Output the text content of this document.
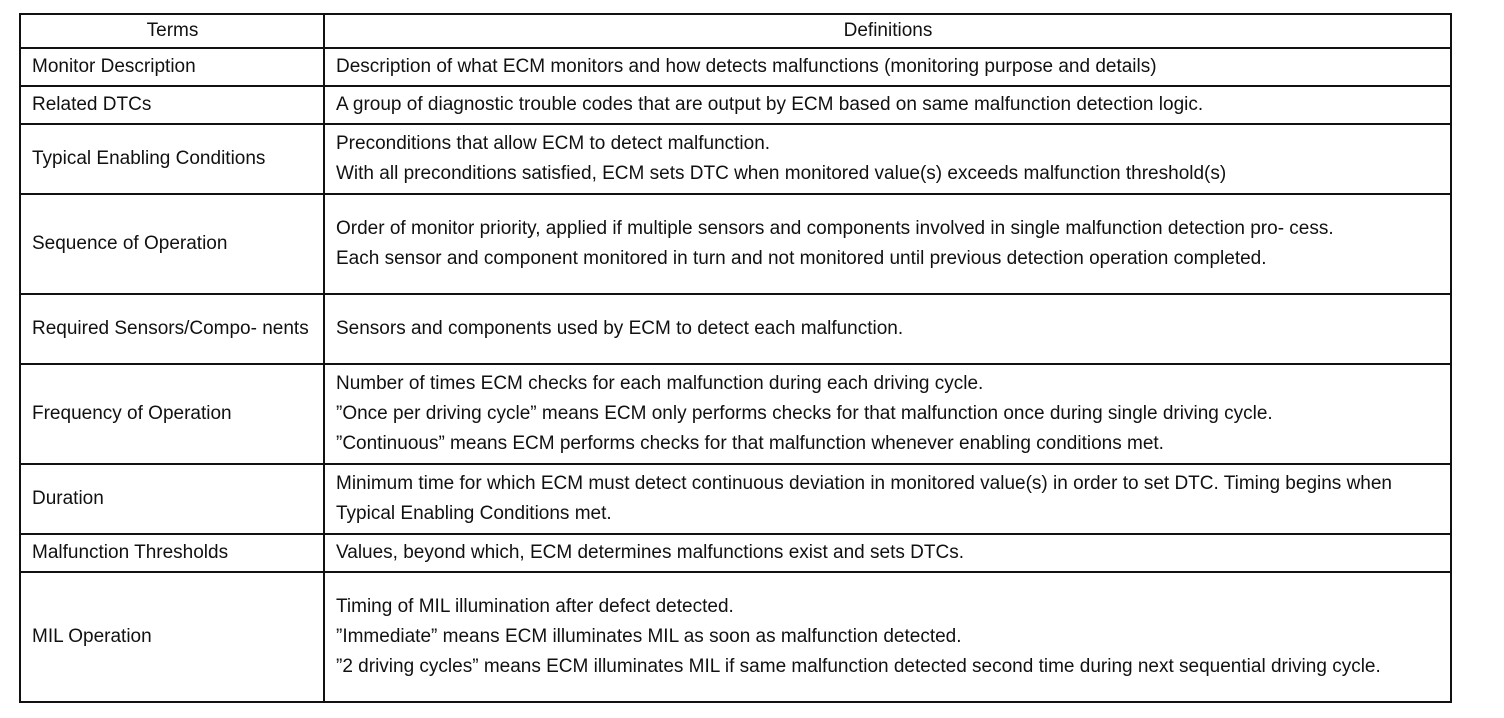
Terms	Definitions
Monitor Description	Description of what ECM monitors and how detects malfunctions (monitoring purpose and details)

Related DTCs	A group of diagnostic trouble codes that are output by ECM based on same malfunction detection logic.

Typical Enabling Conditions	Preconditions that allow ECM to detect malfunction.
With all preconditions satisfied, ECM sets DTC when monitored value(s) exceeds malfunction threshold(s)

Sequence of Operation	Order of monitor priority, applied if multiple sensors and components involved in single malfunction detection pro- cess.
Each sensor and component monitored in turn and not monitored until previous detection operation completed.

Required Sensors/Compo- nents	Sensors and components used by ECM to detect each malfunction.

Frequency of Operation	Number of times ECM checks for each malfunction during each driving cycle.
”Once per driving cycle” means ECM only performs checks for that malfunction once during single driving cycle.
”Continuous” means ECM performs checks for that malfunction whenever enabling conditions met.

Duration	Minimum time for which ECM must detect continuous deviation in monitored value(s) in order to set DTC. Timing begins when Typical Enabling Conditions met.

Malfunction Thresholds	Values, beyond which, ECM determines malfunctions exist and sets DTCs.

MIL Operation	Timing of MIL illumination after defect detected.
”Immediate” means ECM illuminates MIL as soon as malfunction detected.
”2 driving cycles” means ECM illuminates MIL if same malfunction detected second time during next sequential driving cycle.
